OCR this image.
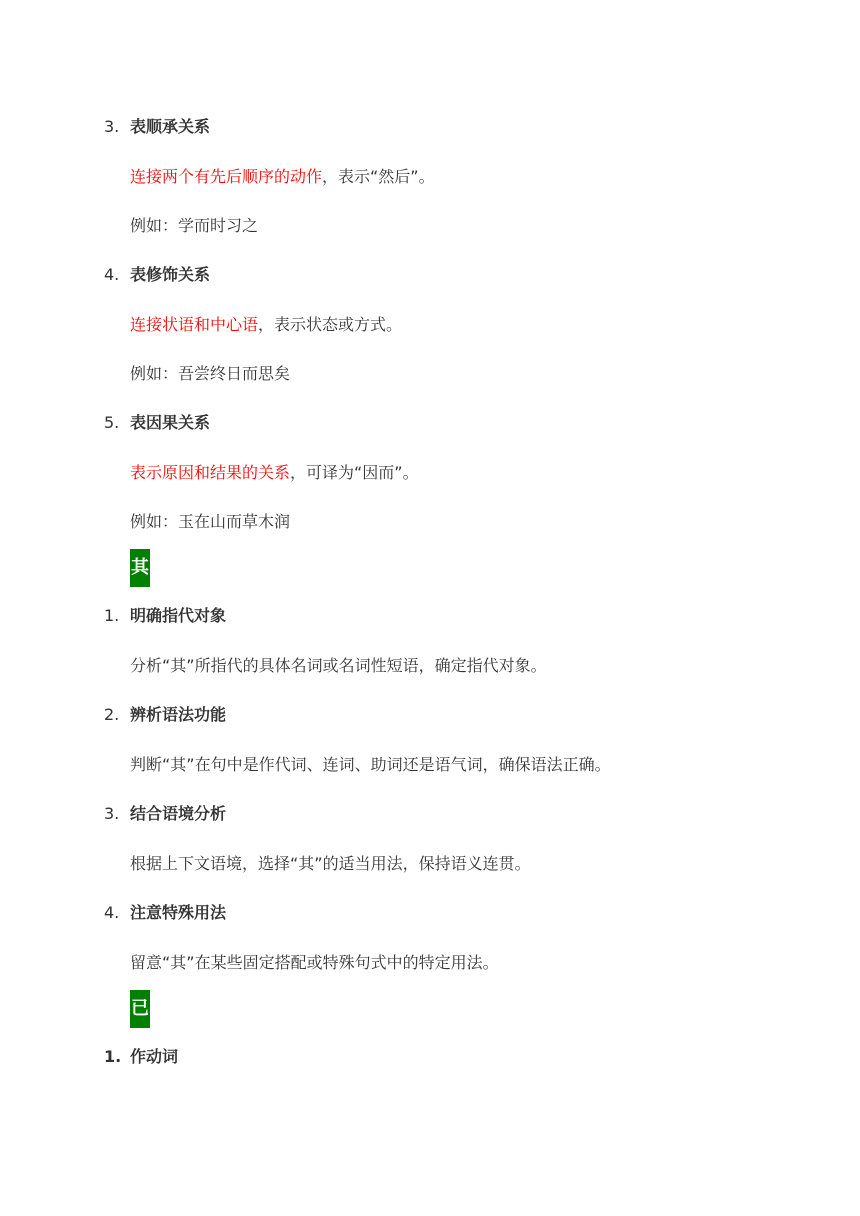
3. 表顺承关系
连接两个有先后顺序的动作，表示“然后”。
例如：学而时习之
4. 表修饰关系
连接状语和中心语，表示状态或方式。
例如：吾尝终日而思矣
5. 表因果关系
表示原因和结果的关系，可译为“因而”。
例如：玉在山而草木润
其
1. 明确指代对象
分析“其”所指代的具体名词或名词性短语，确定指代对象。
2. 辨析语法功能
判断“其”在句中是作代词、连词、助词还是语气词，确保语法正确。
3. 结合语境分析
根据上下文语境，选择“其”的适当用法，保持语义连贯。
4. 注意特殊用法
留意“其”在某些固定搭配或特殊句式中的特定用法。
已
1. 作动词
